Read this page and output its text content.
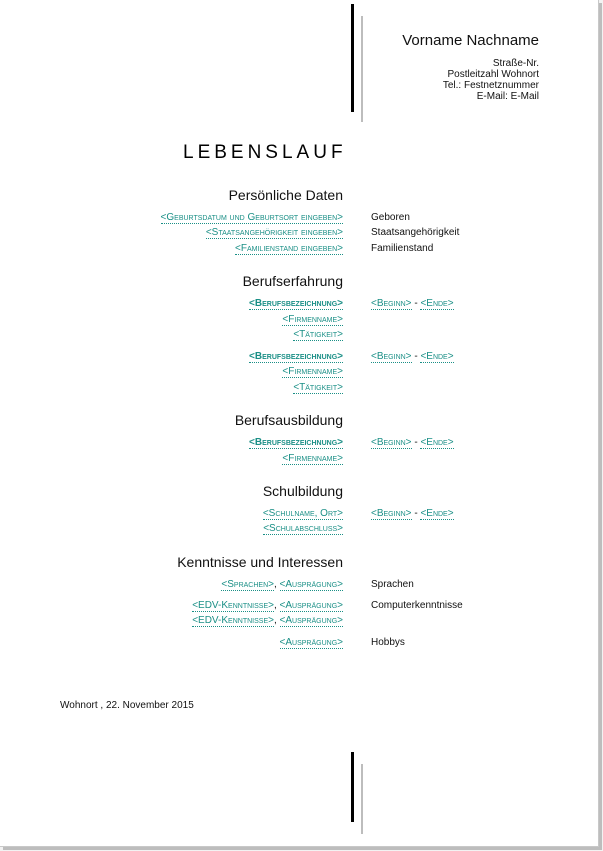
Vorname Nachname
Straße-Nr.
Postleitzahl Wohnort
Tel.: Festnetznummer
E-Mail: E-Mail
LEBENSLAUF
Persönliche Daten
<Geburtsdatum und Geburtsort eingeben>	Geboren
<Staatsangehörigkeit eingeben>	Staatsangehörigkeit
<Familienstand eingeben>	Familienstand
Berufserfahrung
<Berufsbezeichnung>	<Beginn> - <Ende>
<Firmenname>
<Tätigkeit>
<Berufsbezeichnung>	<Beginn> - <Ende>
<Firmenname>
<Tätigkeit>
Berufsausbildung
<Berufsbezeichnung>	<Beginn> - <Ende>
<Firmenname>
Schulbildung
<Schulname, Ort>	<Beginn> - <Ende>
<Schulabschluss>
Kenntnisse und Interessen
<Sprachen>, <Ausprägung>	Sprachen
<EDV-Kenntnisse>, <Ausprägung>	Computerkenntnisse
<EDV-Kenntnisse>, <Ausprägung>
<Ausprägung>	Hobbys
Wohnort , 22. November 2015
